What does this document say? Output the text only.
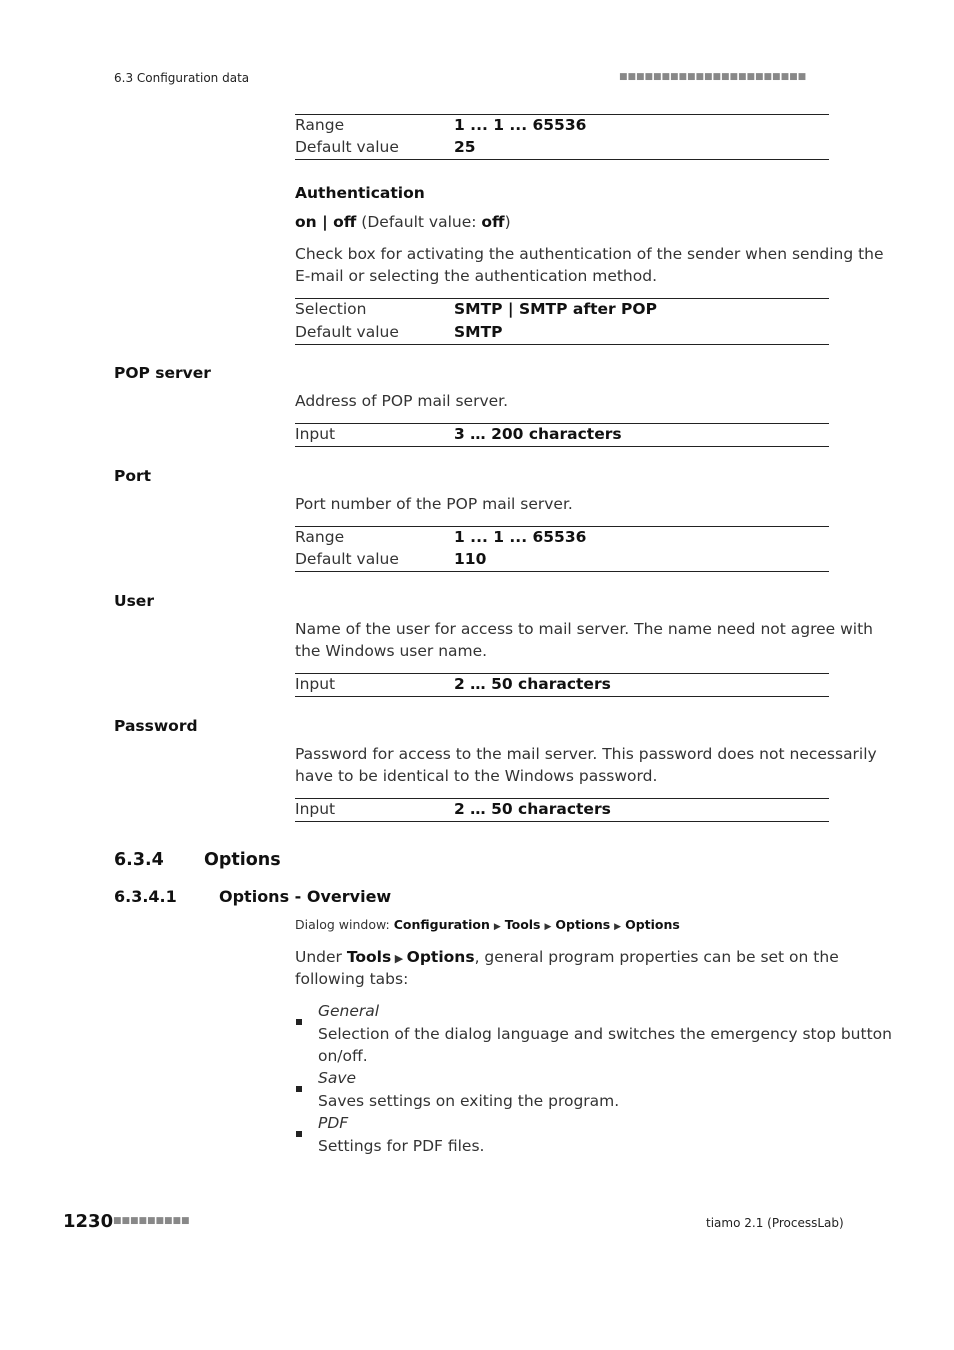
6.3 Configuration data	■■■■■■■■■■■■■■■■■■■■■■
Range	1 ... 1 ... 65536
Default value	25
Authentication
on | off (Default value: off)
Check box for activating the authentication of the sender when sending the
E-mail or selecting the authentication method.
Selection	SMTP | SMTP after POP
Default value	SMTP
POP server
Address of POP mail server.
Input	3 … 200 characters
Port
Port number of the POP mail server.
Range	1 ... 1 ... 65536
Default value	110
User
Name of the user for access to mail server. The name need not agree with
the Windows user name.
Input	2 … 50 characters
Password
Password for access to the mail server. This password does not necessarily
have to be identical to the Windows password.
Input	2 … 50 characters
6.3.4 Options
6.3.4.1	Options - Overview
Dialog window: Configuration ▶ Tools ▶ Options ▶ Options
Under Tools ▶ Options, general program properties can be set on the
following tabs:
General
Selection of the dialog language and switches the emergency stop button
on/off.
Save
Saves settings on exiting the program.
PDF
Settings for PDF files.
1230 ■■■■■■■■■	tiamo 2.1 (ProcessLab)
